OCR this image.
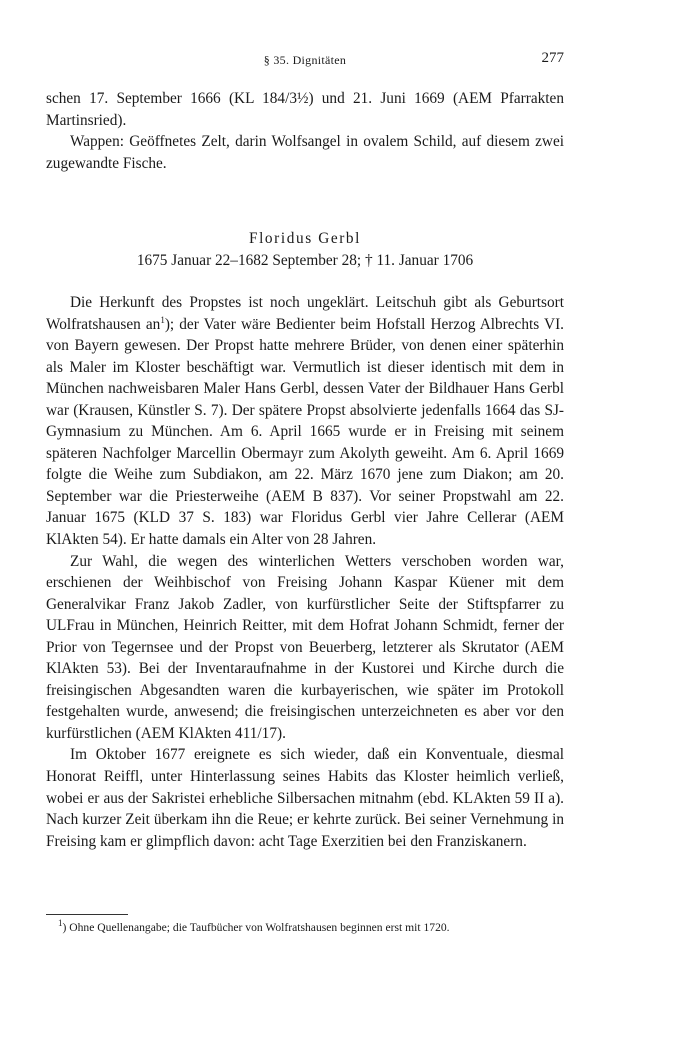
§ 35. Dignitäten	277

schen 17. September 1666 (KL 184/3½) und 21. Juni 1669 (AEM Pfarrakten Martinsried).

Wappen: Geöffnetes Zelt, darin Wolfsangel in ovalem Schild, auf diesem zwei zugewandte Fische.

Floridus Gerbl
1675 Januar 22–1682 September 28; † 11. Januar 1706

Die Herkunft des Propstes ist noch ungeklärt. Leitschuh gibt als Geburtsort Wolfratshausen $an^1$); der Vater wäre Bedienter beim Hofstall Herzog Albrechts VI. von Bayern gewesen. Der Propst hatte mehrere Brüder, von denen einer späterhin als Maler im Kloster beschäftigt war. Vermutlich ist dieser identisch mit dem in München nachweisbaren Maler Hans Gerbl, dessen Vater der Bildhauer Hans Gerbl war (Krausen, Künstler S. 7). Der spätere Propst absolvierte jedenfalls 1664 das SJ-Gymnasium zu München. Am 6. April 1665 wurde er in Freising mit seinem späteren Nachfolger Marcellin Obermayr zum Akolyth geweiht. Am 6. April 1669 folgte die Weihe zum Subdiakon, am 22. März 1670 jene zum Diakon; am 20. September war die Priesterweihe (AEM B 837). Vor seiner Propstwahl am 22. Januar 1675 (KLD 37 S. 183) war Floridus Gerbl vier Jahre Cellerar (AEM KlAkten 54). Er hatte damals ein Alter von 28 Jahren.

Zur Wahl, die wegen des winterlichen Wetters verschoben worden war, erschienen der Weihbischof von Freising Johann Kaspar Küener mit dem Generalvikar Franz Jakob Zadler, von kurfürstlicher Seite der Stiftspfarrer zu ULFrau in München, Heinrich Reitter, mit dem Hofrat Johann Schmidt, ferner der Prior von Tegernsee und der Propst von Beuerberg, letzterer als Skrutator (AEM KlAkten 53). Bei der Inventaraufnahme in der Kustorei und Kirche durch die freisingischen Abgesandten waren die kurbayerischen, wie später im Protokoll festgehalten wurde, anwesend; die freisingischen unterzeichneten es aber vor den kurfürstlichen (AEM KlAkten 411/17).

Im Oktober 1677 ereignete es sich wieder, daß ein Konventuale, diesmal Honorat Reiffl, unter Hinterlassung seines Habits das Kloster heimlich verließ, wobei er aus der Sakristei erhebliche Silbersachen mitnahm (ebd. KLAkten 59 II a). Nach kurzer Zeit überkam ihn die Reue; er kehrte zurück. Bei seiner Vernehmung in Freising kam er glimpflich davon: acht Tage Exerzitien bei den Franziskanern.

$^1$) Ohne Quellenangabe; die Taufbücher von Wolfratshausen beginnen erst mit 1720.
